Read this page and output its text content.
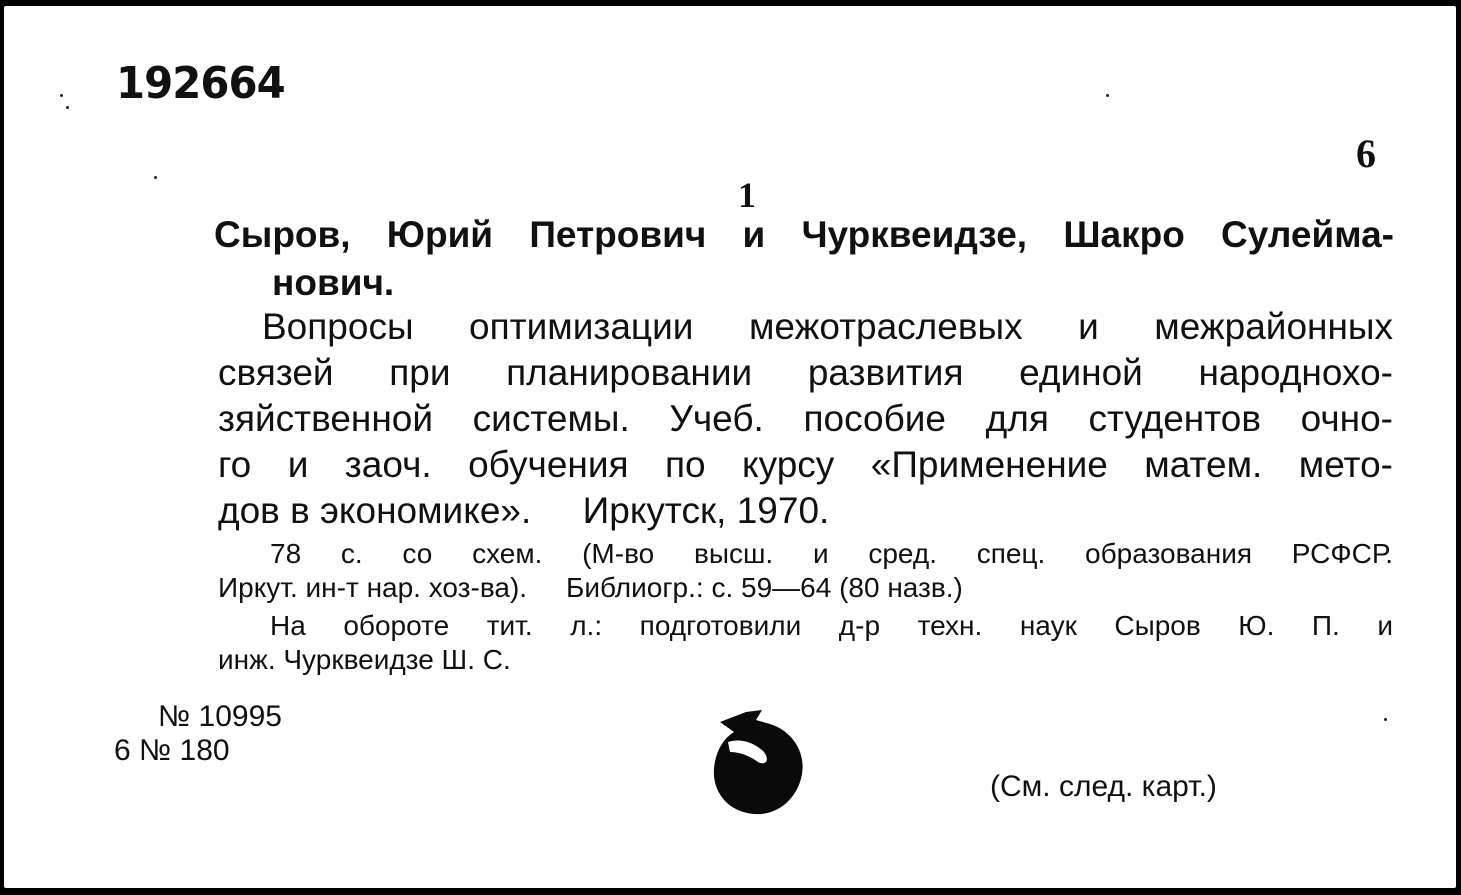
192664
6
1
Сыров, Юрий Петрович и Чурквеидзе, Шакро Сулейма-
нович.
Вопросы оптимизации межотраслевых и межрайонных
связей при планировании развития единой народнохо-
зяйственной системы. Учеб. пособие для студентов очно-
го и заоч. обучения по курсу «Применение матем. мето-
дов в экономике».     Иркутск, 1970.
78 с. со схем. (М-во высш. и сред. спец. образования РСФСР.
Иркут. ин-т нар. хоз-ва).     Библиогр.: с. 59—64 (80 назв.)
На обороте тит. л.: подготовили д-р техн. наук Сыров Ю. П. и
инж. Чурквеидзе Ш. С.
№ 10995
6 № 180
(См. след. карт.)
